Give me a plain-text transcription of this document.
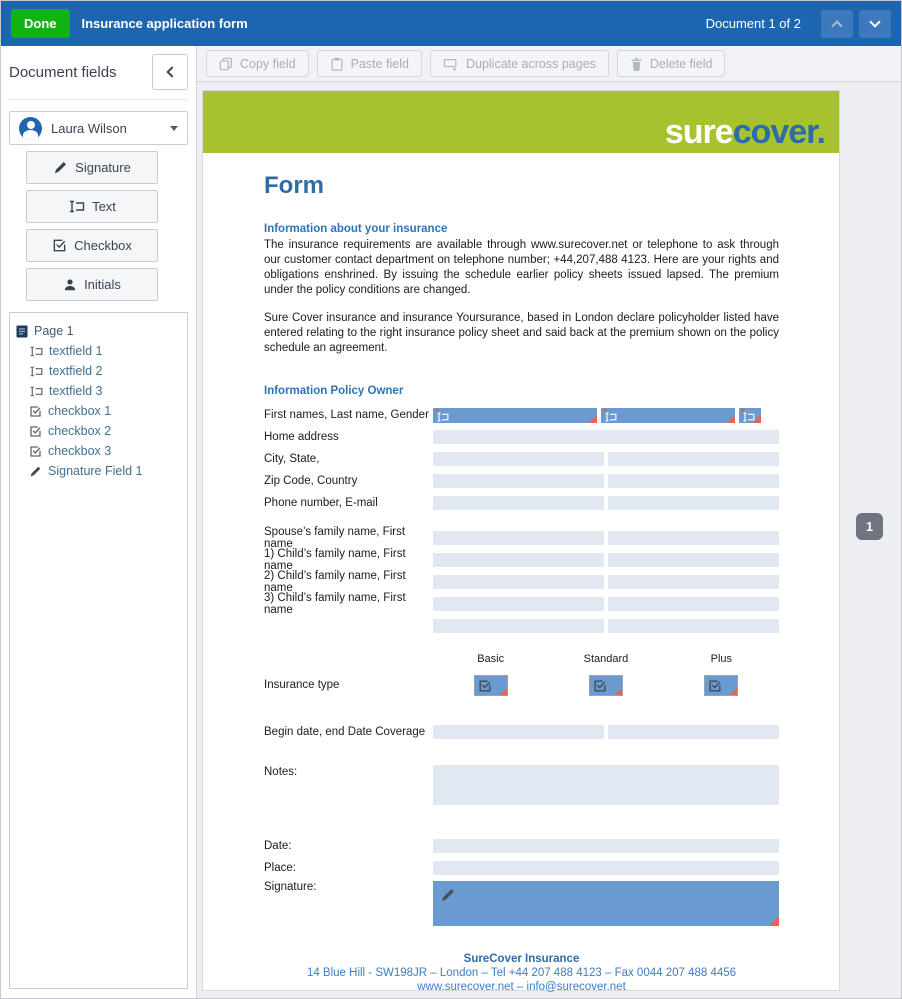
Done	Insurance application form	Document 1 of 2
Document fields
Laura Wilson
Signature
Text
Checkbox
Initials
Page 1
textfield 1
textfield 2
textfield 3
checkbox 1
checkbox 2
checkbox 3
Signature Field 1
Copy field	Paste field	Duplicate across pages	Delete field
1
surecover.
Form
Information about your insurance
The insurance requirements are available through www.surecover.net or telephone to ask through our customer contact department on telephone number; +44,207,488 4123. Here are your rights and obligations enshrined. By issuing the schedule earlier policy sheets issued lapsed. The premium under the policy conditions are changed.
Sure Cover insurance and insurance Yoursurance, based in London declare policyholder listed have entered relating to the right insurance policy sheet and said back at the premium shown on the policy schedule an agreement.
Information Policy Owner
First names, Last name, Gender *	*	*
Home address
City, State,
Zip Code, Country
Phone number, E-mail
Spouse’s family name, First name
1) Child’s family name, First name
2) Child’s family name, First name
3) Child’s family name, First name
Basic	Standard	Plus
Insurance type
Begin date, end Date Coverage
Notes:
Date:
Place:
Signature:
SureCover Insurance
14 Blue Hill - SW198JR – London – Tel +44 207 488 4123 – Fax 0044 207 488 4456
www.surecover.net – info@surecover.net
